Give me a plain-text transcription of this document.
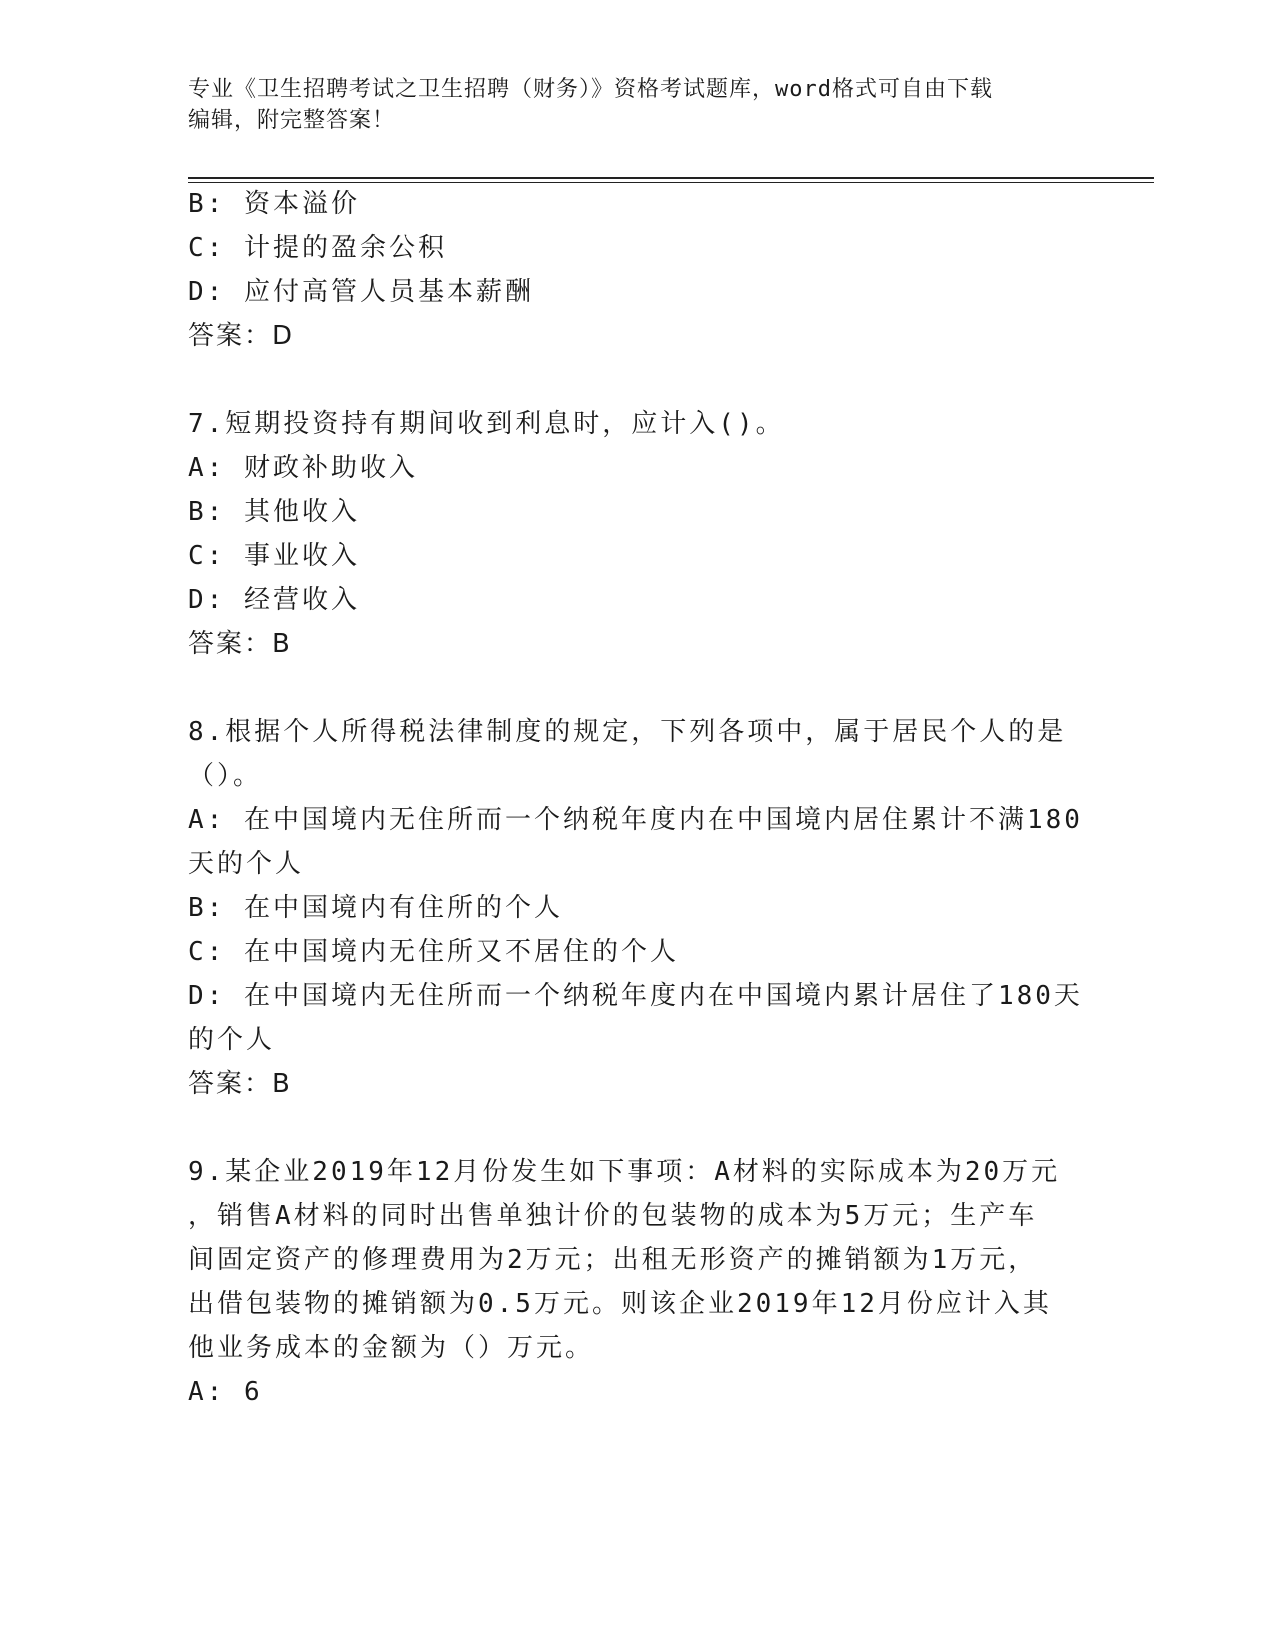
专业《卫生招聘考试之卫生招聘（财务）》资格考试题库，word格式可自由下载
编辑，附完整答案！
B: 资本溢价
C: 计提的盈余公积
D: 应付高管人员基本薪酬
答案：D
7.短期投资持有期间收到利息时，应计入()。
A: 财政补助收入
B: 其他收入
C: 事业收入
D: 经营收入
答案：B
8.根据个人所得税法律制度的规定，下列各项中，属于居民个人的是
（）。
A: 在中国境内无住所而一个纳税年度内在中国境内居住累计不满180
天的个人
B: 在中国境内有住所的个人
C: 在中国境内无住所又不居住的个人
D: 在中国境内无住所而一个纳税年度内在中国境内累计居住了180天
的个人
答案：B
9.某企业2019年12月份发生如下事项：A材料的实际成本为20万元
，销售A材料的同时出售单独计价的包装物的成本为5万元；生产车
间固定资产的修理费用为2万元；出租无形资产的摊销额为1万元，
出借包装物的摊销额为0.5万元。则该企业2019年12月份应计入其
他业务成本的金额为（）万元。
A: 6
